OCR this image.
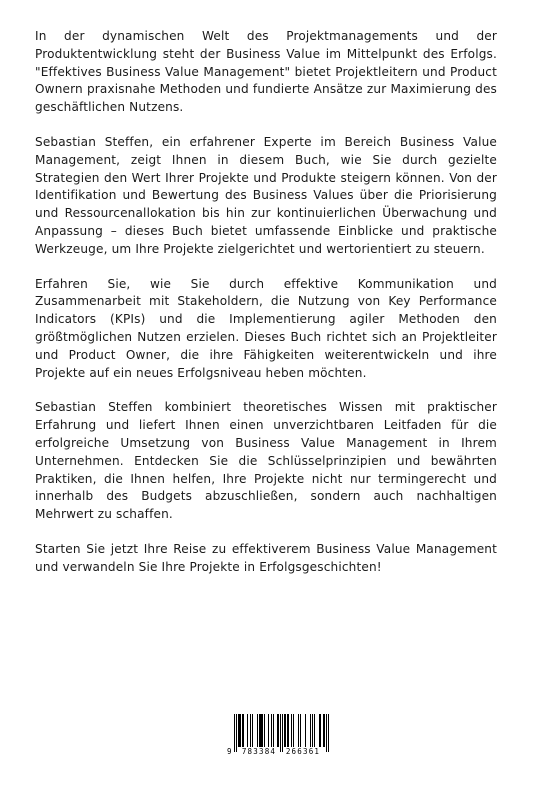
In der dynamischen Welt des Projektmanagements und der Produktentwicklung steht der Business Value im Mittelpunkt des Erfolgs. "Effektives Business Value Management" bietet Projektleitern und Product Ownern praxisnahe Methoden und fundierte Ansätze zur Maximierung des geschäftlichen Nutzens.

Sebastian Steffen, ein erfahrener Experte im Bereich Business Value Management, zeigt Ihnen in diesem Buch, wie Sie durch gezielte Strategien den Wert Ihrer Projekte und Produkte steigern können. Von der Identifikation und Bewertung des Business Values über die Priorisierung und Ressourcenallokation bis hin zur kontinuierlichen Überwachung und Anpassung – dieses Buch bietet umfassende Einblicke und praktische Werkzeuge, um Ihre Projekte zielgerichtet und wertorientiert zu steuern.

Erfahren Sie, wie Sie durch effektive Kommunikation und Zusammenarbeit mit Stakeholdern, die Nutzung von Key Performance Indicators (KPIs) und die Implementierung agiler Methoden den größtmöglichen Nutzen erzielen. Dieses Buch richtet sich an Projektleiter und Product Owner, die ihre Fähigkeiten weiterentwickeln und ihre Projekte auf ein neues Erfolgsniveau heben möchten.

Sebastian Steffen kombiniert theoretisches Wissen mit praktischer Erfahrung und liefert Ihnen einen unverzichtbaren Leitfaden für die erfolgreiche Umsetzung von Business Value Management in Ihrem Unternehmen. Entdecken Sie die Schlüsselprinzipien und bewährten Praktiken, die Ihnen helfen, Ihre Projekte nicht nur termingerecht und innerhalb des Budgets abzuschließen, sondern auch nachhaltigen Mehrwert zu schaffen.

Starten Sie jetzt Ihre Reise zu effektiverem Business Value Management und verwandeln Sie Ihre Projekte in Erfolgsgeschichten!

9	783384	266361
